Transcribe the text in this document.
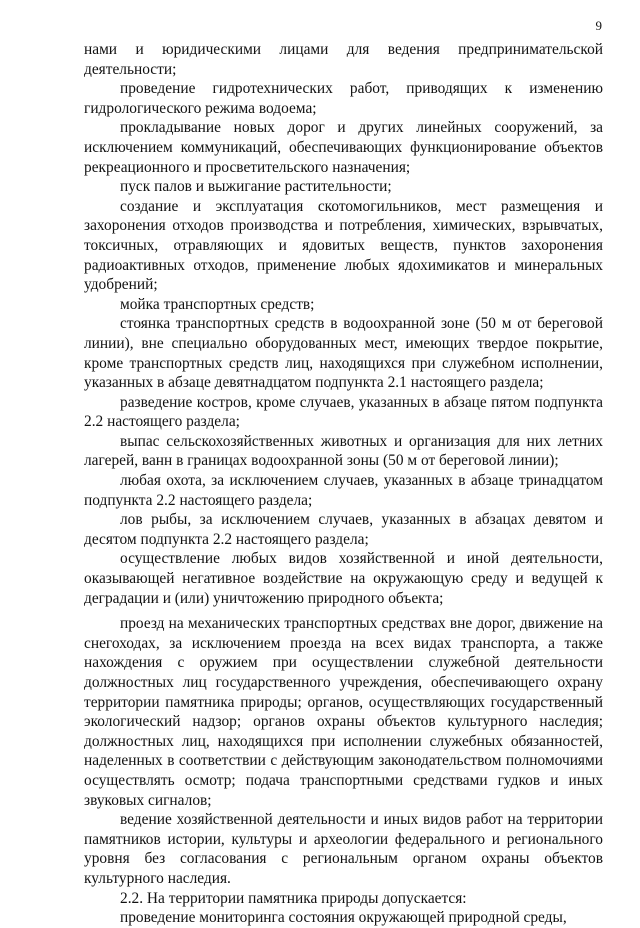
9

нами и юридическими лицами для ведения предпринимательской деятельности;

проведение гидротехнических работ, приводящих к изменению гидрологического режима водоема;

прокладывание новых дорог и других линейных сооружений, за исключением коммуникаций, обеспечивающих функционирование объектов рекреационного и просветительского назначения;

пуск палов и выжигание растительности;

создание и эксплуатация скотомогильников, мест размещения и захоронения отходов производства и потребления, химических, взрывчатых, токсичных, отравляющих и ядовитых веществ, пунктов захоронения радиоактивных отходов, применение любых ядохимикатов и минеральных удобрений;

мойка транспортных средств;

стоянка транспортных средств в водоохранной зоне (50 м от береговой линии), вне специально оборудованных мест, имеющих твердое покрытие, кроме транспортных средств лиц, находящихся при служебном исполнении, указанных в абзаце девятнадцатом подпункта 2.1 настоящего раздела;

разведение костров, кроме случаев, указанных в абзаце пятом подпункта 2.2 настоящего раздела;

выпас сельскохозяйственных животных и организация для них летних лагерей, ванн в границах водоохранной зоны (50 м от береговой линии);

любая охота, за исключением случаев, указанных в абзаце тринадцатом подпункта 2.2 настоящего раздела;

лов рыбы, за исключением случаев, указанных в абзацах девятом и десятом подпункта 2.2 настоящего раздела;

осуществление любых видов хозяйственной и иной деятельности, оказывающей негативное воздействие на окружающую среду и ведущей к деградации и (или) уничтожению природного объекта;

проезд на механических транспортных средствах вне дорог, движение на снегоходах, за исключением проезда на всех видах транспорта, а также нахождения с оружием при осуществлении служебной деятельности должностных лиц государственного учреждения, обеспечивающего охрану территории памятника природы; органов, осуществляющих государственный экологический надзор; органов охраны объектов культурного наследия; должностных лиц, находящихся при исполнении служебных обязанностей, наделенных в соответствии с действующим законодательством полномочиями осуществлять осмотр; подача транспортными средствами гудков и иных звуковых сигналов;

ведение хозяйственной деятельности и иных видов работ на территории памятников истории, культуры и археологии федерального и регионального уровня без согласования с региональным органом охраны объектов культурного наследия.

2.2. На территории памятника природы допускается:

проведение мониторинга состояния окружающей природной среды,
